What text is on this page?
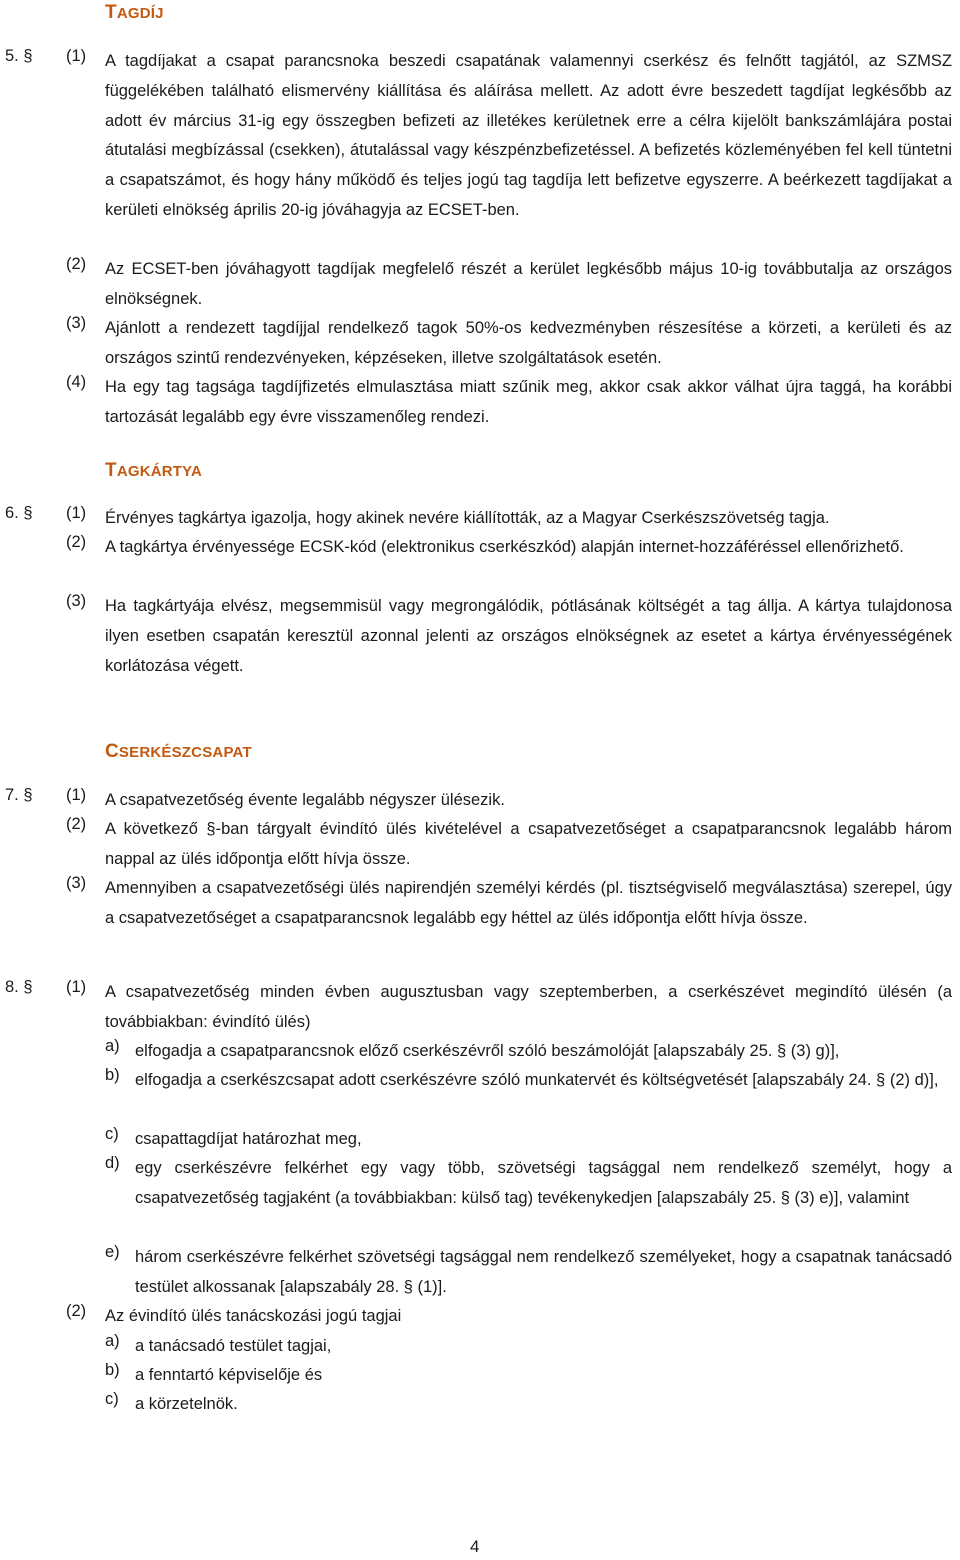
TAGDÍJ
5. §	(1)	A tagdíjakat a csapat parancsnoka beszedi csapatának valamennyi cserkész és felnőtt tagjától, az SZMSZ függelékében található elismervény kiállítása és aláírása mellett. Az adott évre beszedett tagdíjat legkésőbb az adott év március 31-ig egy összegben befizeti az illetékes kerületnek erre a célra kijelölt bankszámlájára postai átutalási megbízással (csekken), átutalással vagy készpénzbefizetéssel. A befizetés közleményében fel kell tüntetni a csapatszámot, és hogy hány működő és teljes jogú tag tagdíja lett befizetve egyszerre. A beérkezett tagdíjakat a kerületi elnökség április 20-ig jóváhagyja az ECSET-ben.
(2)	Az ECSET-ben jóváhagyott tagdíjak megfelelő részét a kerület legkésőbb május 10-ig továbbutalja az országos elnökségnek.
(3)	Ajánlott a rendezett tagdíjjal rendelkező tagok 50%-os kedvezményben részesítése a körzeti, a kerületi és az országos szintű rendezvényeken, képzéseken, illetve szolgáltatások esetén.
(4)	Ha egy tag tagsága tagdíjfizetés elmulasztása miatt szűnik meg, akkor csak akkor válhat újra taggá, ha korábbi tartozását legalább egy évre visszamenőleg rendezi.
TAGKÁRTYA
6. §	(1)	Érvényes tagkártya igazolja, hogy akinek nevére kiállították, az a Magyar Cserkészszövetség tagja.
(2)	A tagkártya érvényessége ECSK-kód (elektronikus cserkészkód) alapján internet-hozzáféréssel ellenőrizhető.
(3)	Ha tagkártyája elvész, megsemmisül vagy megrongálódik, pótlásának költségét a tag állja. A kártya tulajdonosa ilyen esetben csapatán keresztül azonnal jelenti az országos elnökségnek az esetet a kártya érvényességének korlátozása végett.
CSERKÉSZCSAPAT
7. §	(1)	A csapatvezetőség évente legalább négyszer ülésezik.
(2)	A következő §-ban tárgyalt évindító ülés kivételével a csapatvezetőséget a csapatparancsnok legalább három nappal az ülés időpontja előtt hívja össze.
(3)	Amennyiben a csapatvezetőségi ülés napirendjén személyi kérdés (pl. tisztségviselő megválasztása) szerepel, úgy a csapatvezetőséget a csapatparancsnok legalább egy héttel az ülés időpontja előtt hívja össze.
8. §	(1)	A csapatvezetőség minden évben augusztusban vagy szeptemberben, a cserkészévet megindító ülésén (a továbbiakban: évindító ülés)
a) elfogadja a csapatparancsnok előző cserkészévről szóló beszámolóját [alapszabály 25. § (3) g)],
b) elfogadja a cserkészcsapat adott cserkészévre szóló munkatervét és költségvetését [alapszabály 24. § (2) d)],
c) csapattagdíjat határozhat meg,
d) egy cserkészévre felkérhet egy vagy több, szövetségi tagsággal nem rendelkező személyt, hogy a csapatvezetőség tagjaként (a továbbiakban: külső tag) tevékenykedjen [alapszabály 25. § (3) e)], valamint
e) három cserkészévre felkérhet szövetségi tagsággal nem rendelkező személyeket, hogy a csapatnak tanácsadó testület alkossanak [alapszabály 28. § (1)].
(2)	Az évindító ülés tanácskozási jogú tagjai
a) a tanácsadó testület tagjai,
b) a fenntartó képviselője és
c) a körzetelnök.
4
